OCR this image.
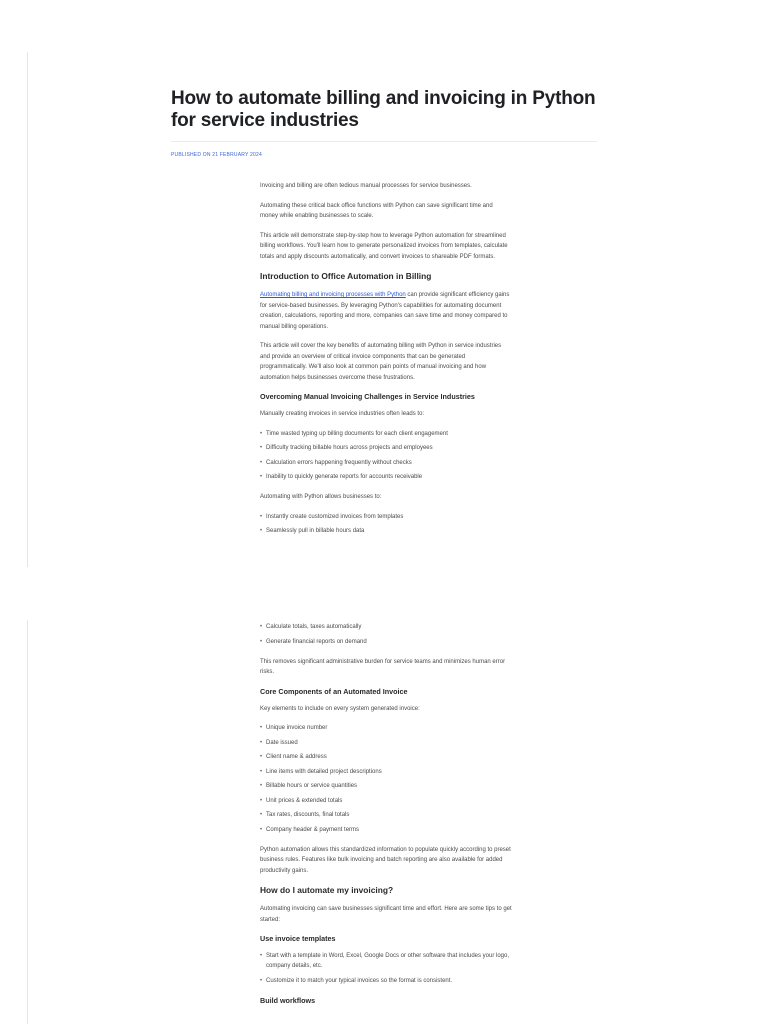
How to automate billing and invoicing in Python for service industries
PUBLISHED ON 21 FEBRUARY 2024

Invoicing and billing are often tedious manual processes for service businesses.

Automating these critical back office functions with Python can save significant time and money while enabling businesses to scale.

This article will demonstrate step-by-step how to leverage Python automation for streamlined billing workflows. You'll learn how to generate personalized invoices from templates, calculate totals and apply discounts automatically, and convert invoices to shareable PDF formats.

Introduction to Office Automation in Billing

Automating billing and invoicing processes with Python can provide significant efficiency gains for service-based businesses. By leveraging Python's capabilities for automating document creation, calculations, reporting and more, companies can save time and money compared to manual billing operations.

This article will cover the key benefits of automating billing with Python in service industries and provide an overview of critical invoice components that can be generated programmatically. We'll also look at common pain points of manual invoicing and how automation helps businesses overcome these frustrations.

Overcoming Manual Invoicing Challenges in Service Industries

Manually creating invoices in service industries often leads to:

• Time wasted typing up billing documents for each client engagement
• Difficulty tracking billable hours across projects and employees
• Calculation errors happening frequently without checks
• Inability to quickly generate reports for accounts receivable

Automating with Python allows businesses to:

• Instantly create customized invoices from templates
• Seamlessly pull in billable hours data
• Calculate totals, taxes automatically
• Generate financial reports on demand

This removes significant administrative burden for service teams and minimizes human error risks.

Core Components of an Automated Invoice

Key elements to include on every system generated invoice:

• Unique invoice number
• Date issued
• Client name & address
• Line items with detailed project descriptions
• Billable hours or service quantities
• Unit prices & extended totals
• Tax rates, discounts, final totals
• Company header & payment terms

Python automation allows this standardized information to populate quickly according to preset business rules. Features like bulk invoicing and batch reporting are also available for added productivity gains.

How do I automate my invoicing?

Automating invoicing can save businesses significant time and effort. Here are some tips to get started:

Use invoice templates
• Start with a template in Word, Excel, Google Docs or other software that includes your logo, company details, etc.
• Customize it to match your typical invoices so the format is consistent.
Build workflows
